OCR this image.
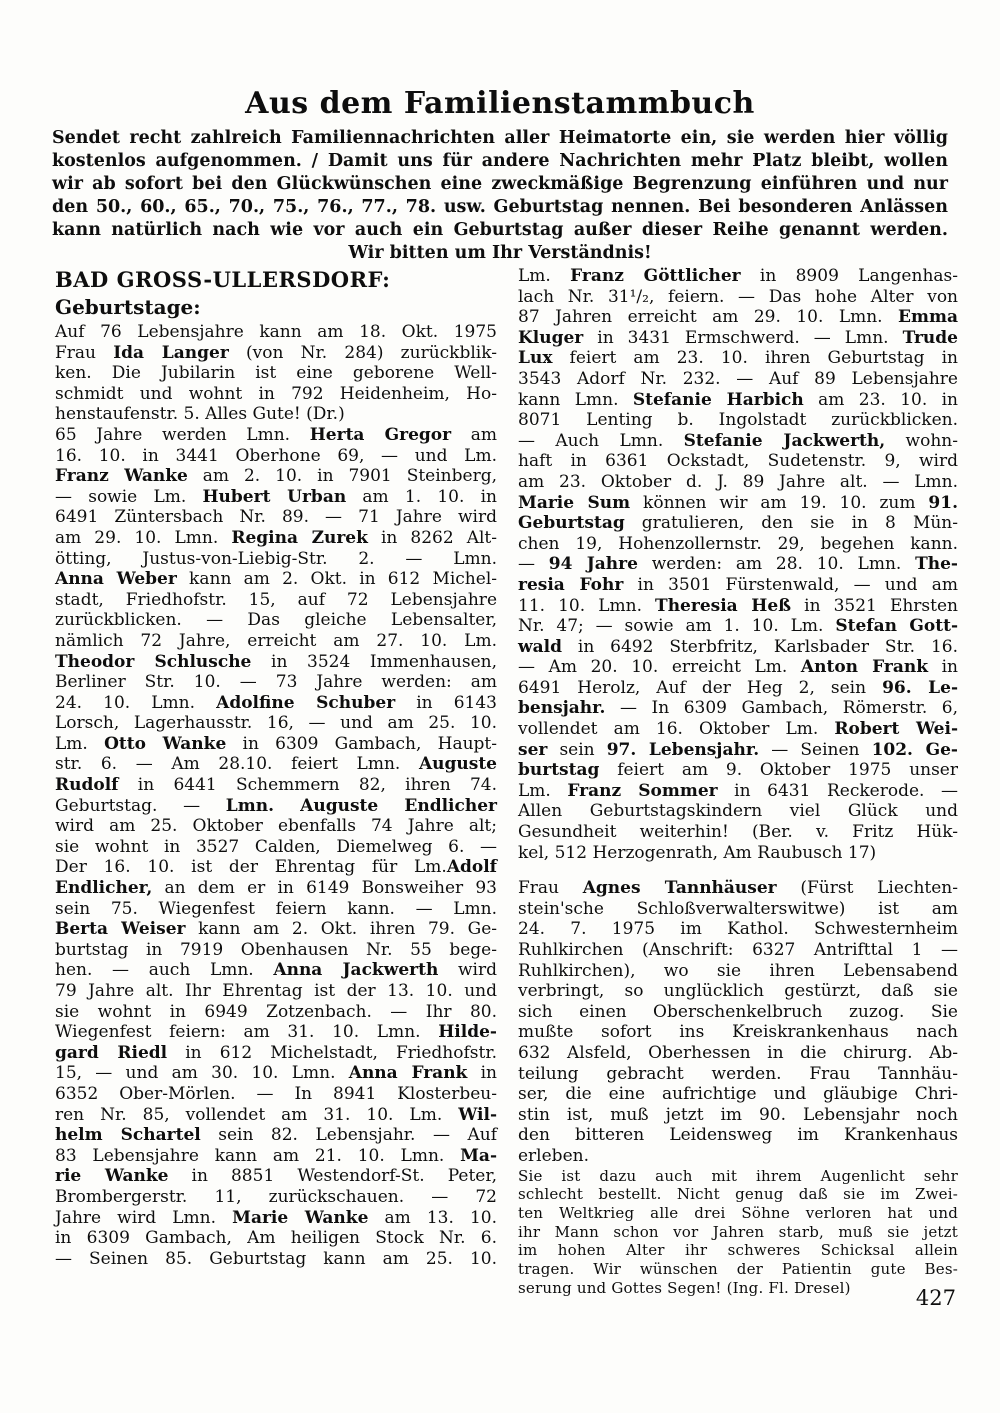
Aus dem Familienstammbuch
Sendet recht zahlreich Familiennachrichten aller Heimatorte ein, sie werden hier völlig
kostenlos aufgenommen. / Damit uns für andere Nachrichten mehr Platz bleibt, wollen
wir ab sofort bei den Glückwünschen eine zweckmäßige Begrenzung einführen und nur
den 50., 60., 65., 70., 75., 76., 77., 78. usw. Geburtstag nennen. Bei besonderen Anlässen
kann natürlich nach wie vor auch ein Geburtstag außer dieser Reihe genannt werden.
Wir bitten um Ihr Verständnis!
BAD GROSS-ULLERSDORF:
Geburtstage:
Auf 76 Lebensjahre kann am 18. Okt. 1975
Frau Ida Langer (von Nr. 284) zurückblik-
ken. Die Jubilarin ist eine geborene Well-
schmidt und wohnt in 792 Heidenheim, Ho-
henstaufenstr. 5. Alles Gute! (Dr.)
65 Jahre werden Lmn. Herta Gregor am
16. 10. in 3441 Oberhone 69, — und Lm.
Franz Wanke am 2. 10. in 7901 Steinberg,
— sowie Lm. Hubert Urban am 1. 10. in
6491 Züntersbach Nr. 89. — 71 Jahre wird
am 29. 10. Lmn. Regina Zurek in 8262 Alt-
ötting, Justus-von-Liebig-Str. 2. — Lmn.
Anna Weber kann am 2. Okt. in 612 Michel-
stadt, Friedhofstr. 15, auf 72 Lebensjahre
zurückblicken. — Das gleiche Lebensalter,
nämlich 72 Jahre, erreicht am 27. 10. Lm.
Theodor Schlusche in 3524 Immenhausen,
Berliner Str. 10. — 73 Jahre werden: am
24. 10. Lmn. Adolfine Schuber in 6143
Lorsch, Lagerhausstr. 16, — und am 25. 10.
Lm. Otto Wanke in 6309 Gambach, Haupt-
str. 6. — Am 28.10. feiert Lmn. Auguste
Rudolf in 6441 Schemmern 82, ihren 74.
Geburtstag. — Lmn. Auguste Endlicher
wird am 25. Oktober ebenfalls 74 Jahre alt;
sie wohnt in 3527 Calden, Diemelweg 6. —
Der 16. 10. ist der Ehrentag für Lm.Adolf
Endlicher, an dem er in 6149 Bonsweiher 93
sein 75. Wiegenfest feiern kann. — Lmn.
Berta Weiser kann am 2. Okt. ihren 79. Ge-
burtstag in 7919 Obenhausen Nr. 55 bege-
hen. — auch Lmn. Anna Jackwerth wird
79 Jahre alt. Ihr Ehrentag ist der 13. 10. und
sie wohnt in 6949 Zotzenbach. — Ihr 80.
Wiegenfest feiern: am 31. 10. Lmn. Hilde-
gard Riedl in 612 Michelstadt, Friedhofstr.
15, — und am 30. 10. Lmn. Anna Frank in
6352 Ober-Mörlen. — In 8941 Klosterbeu-
ren Nr. 85, vollendet am 31. 10. Lm. Wil-
helm Schartel sein 82. Lebensjahr. — Auf
83 Lebensjahre kann am 21. 10. Lmn. Ma-
rie Wanke in 8851 Westendorf-St. Peter,
Brombergerstr. 11, zurückschauen. — 72
Jahre wird Lmn. Marie Wanke am 13. 10.
in 6309 Gambach, Am heiligen Stock Nr. 6.
— Seinen 85. Geburtstag kann am 25. 10.
Lm. Franz Göttlicher in 8909 Langenhas-
lach Nr. 31¹/₂, feiern. — Das hohe Alter von
87 Jahren erreicht am 29. 10. Lmn. Emma
Kluger in 3431 Ermschwerd. — Lmn. Trude
Lux feiert am 23. 10. ihren Geburtstag in
3543 Adorf Nr. 232. — Auf 89 Lebensjahre
kann Lmn. Stefanie Harbich am 23. 10. in
8071 Lenting b. Ingolstadt zurückblicken.
— Auch Lmn. Stefanie Jackwerth, wohn-
haft in 6361 Ockstadt, Sudetenstr. 9, wird
am 23. Oktober d. J. 89 Jahre alt. — Lmn.
Marie Sum können wir am 19. 10. zum 91.
Geburtstag gratulieren, den sie in 8 Mün-
chen 19, Hohenzollernstr. 29, begehen kann.
— 94 Jahre werden: am 28. 10. Lmn. The-
resia Fohr in 3501 Fürstenwald, — und am
11. 10. Lmn. Theresia Heß in 3521 Ehrsten
Nr. 47; — sowie am 1. 10. Lm. Stefan Gott-
wald in 6492 Sterbfritz, Karlsbader Str. 16.
— Am 20. 10. erreicht Lm. Anton Frank in
6491 Herolz, Auf der Heg 2, sein 96. Le-
bensjahr. — In 6309 Gambach, Römerstr. 6,
vollendet am 16. Oktober Lm. Robert Wei-
ser sein 97. Lebensjahr. — Seinen 102. Ge-
burtstag feiert am 9. Oktober 1975 unser
Lm. Franz Sommer in 6431 Reckerode. —
Allen Geburtstagskindern viel Glück und
Gesundheit weiterhin! (Ber. v. Fritz Hük-
kel, 512 Herzogenrath, Am Raubusch 17)
Frau Agnes Tannhäuser (Fürst Liechten-
stein'sche Schloßverwalterswitwe) ist am
24. 7. 1975 im Kathol. Schwesternheim
Ruhlkirchen (Anschrift: 6327 Antrifttal 1 —
Ruhlkirchen), wo sie ihren Lebensabend
verbringt, so unglücklich gestürzt, daß sie
sich einen Oberschenkelbruch zuzog. Sie
mußte sofort ins Kreiskrankenhaus nach
632 Alsfeld, Oberhessen in die chirurg. Ab-
teilung gebracht werden. Frau Tannhäu-
ser, die eine aufrichtige und gläubige Chri-
stin ist, muß jetzt im 90. Lebensjahr noch
den bitteren Leidensweg im Krankenhaus
erleben.
Sie ist dazu auch mit ihrem Augenlicht sehr
schlecht bestellt. Nicht genug daß sie im Zwei-
ten Weltkrieg alle drei Söhne verloren hat und
ihr Mann schon vor Jahren starb, muß sie jetzt
im hohen Alter ihr schweres Schicksal allein
tragen. Wir wünschen der Patientin gute Bes-
serung und Gottes Segen! (Ing. Fl. Dresel)	427
